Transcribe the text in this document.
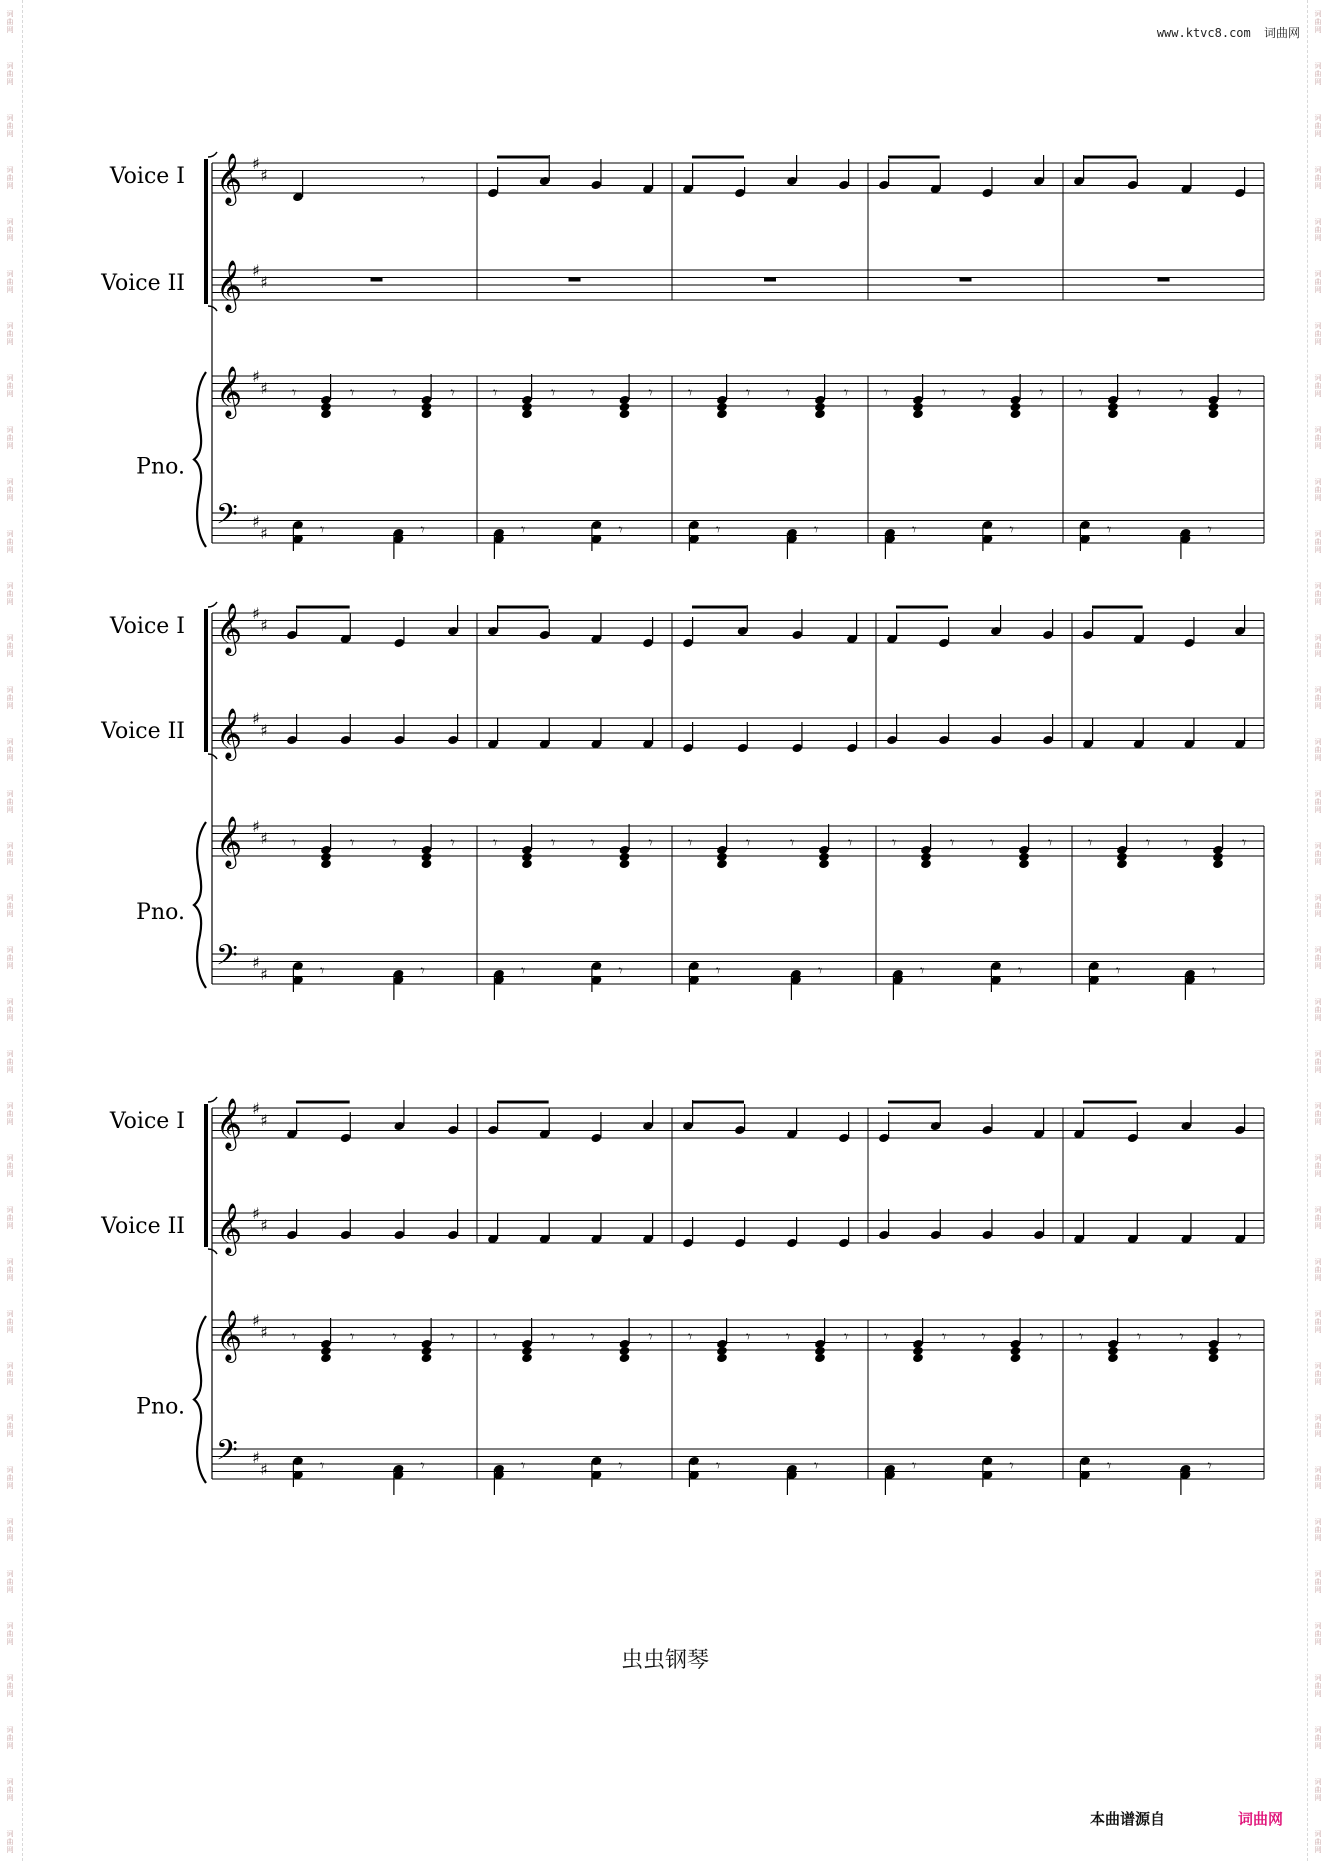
词曲网
词曲网
词曲网
词曲网
词曲网
词曲网
词曲网
词曲网
词曲网
词曲网
词曲网
词曲网
词曲网
词曲网
词曲网
词曲网
词曲网
词曲网
词曲网
词曲网
词曲网
词曲网
词曲网
词曲网
词曲网
词曲网
词曲网
词曲网
词曲网
词曲网
词曲网
词曲网
词曲网
词曲网
词曲网
词曲网
词曲网
词曲网
词曲网
词曲网
词曲网
词曲网
词曲网
词曲网
词曲网
词曲网
词曲网
词曲网
词曲网
词曲网
词曲网
词曲网
词曲网
词曲网
词曲网
词曲网
词曲网
词曲网
词曲网
词曲网
词曲网
词曲网
词曲网
词曲网
词曲网
词曲网
词曲网
词曲网
词曲网
词曲网
词曲网
词曲网
www.ktvc8.com 词曲网
𝄞 ♯
♯
Voice I
𝄞 ♯
♯
Voice II
𝄞 ♯
♯
Pno.
𝄢 ♯
♯
𝄾
𝄾	𝄾 𝄾	𝄾
𝄾	𝄾
𝄾	𝄾 𝄾	𝄾
𝄾	𝄾
𝄾	𝄾 𝄾	𝄾
𝄾	𝄾
𝄾	𝄾 𝄾	𝄾
𝄾	𝄾
𝄾	𝄾 𝄾	𝄾
𝄾	𝄾
𝄞 ♯
♯
Voice I
𝄞 ♯
♯
Voice II
𝄞 ♯
♯
Pno.
𝄢 ♯
♯
𝄾	𝄾 𝄾	𝄾
𝄾	𝄾
𝄾	𝄾 𝄾	𝄾
𝄾	𝄾
𝄾	𝄾 𝄾	𝄾
𝄾	𝄾
𝄾	𝄾 𝄾	𝄾
𝄾	𝄾
𝄾	𝄾 𝄾	𝄾
𝄾	𝄾
𝄞 ♯
♯
Voice I
𝄞 ♯
♯
Voice II
𝄞 ♯
♯
Pno.
𝄢 ♯
♯
𝄾	𝄾 𝄾	𝄾
𝄾	𝄾
𝄾	𝄾 𝄾	𝄾
𝄾	𝄾
𝄾	𝄾 𝄾	𝄾
𝄾	𝄾
𝄾	𝄾 𝄾	𝄾
𝄾	𝄾
𝄾	𝄾 𝄾	𝄾
𝄾	𝄾
虫虫钢琴
本曲谱源自	词曲网
